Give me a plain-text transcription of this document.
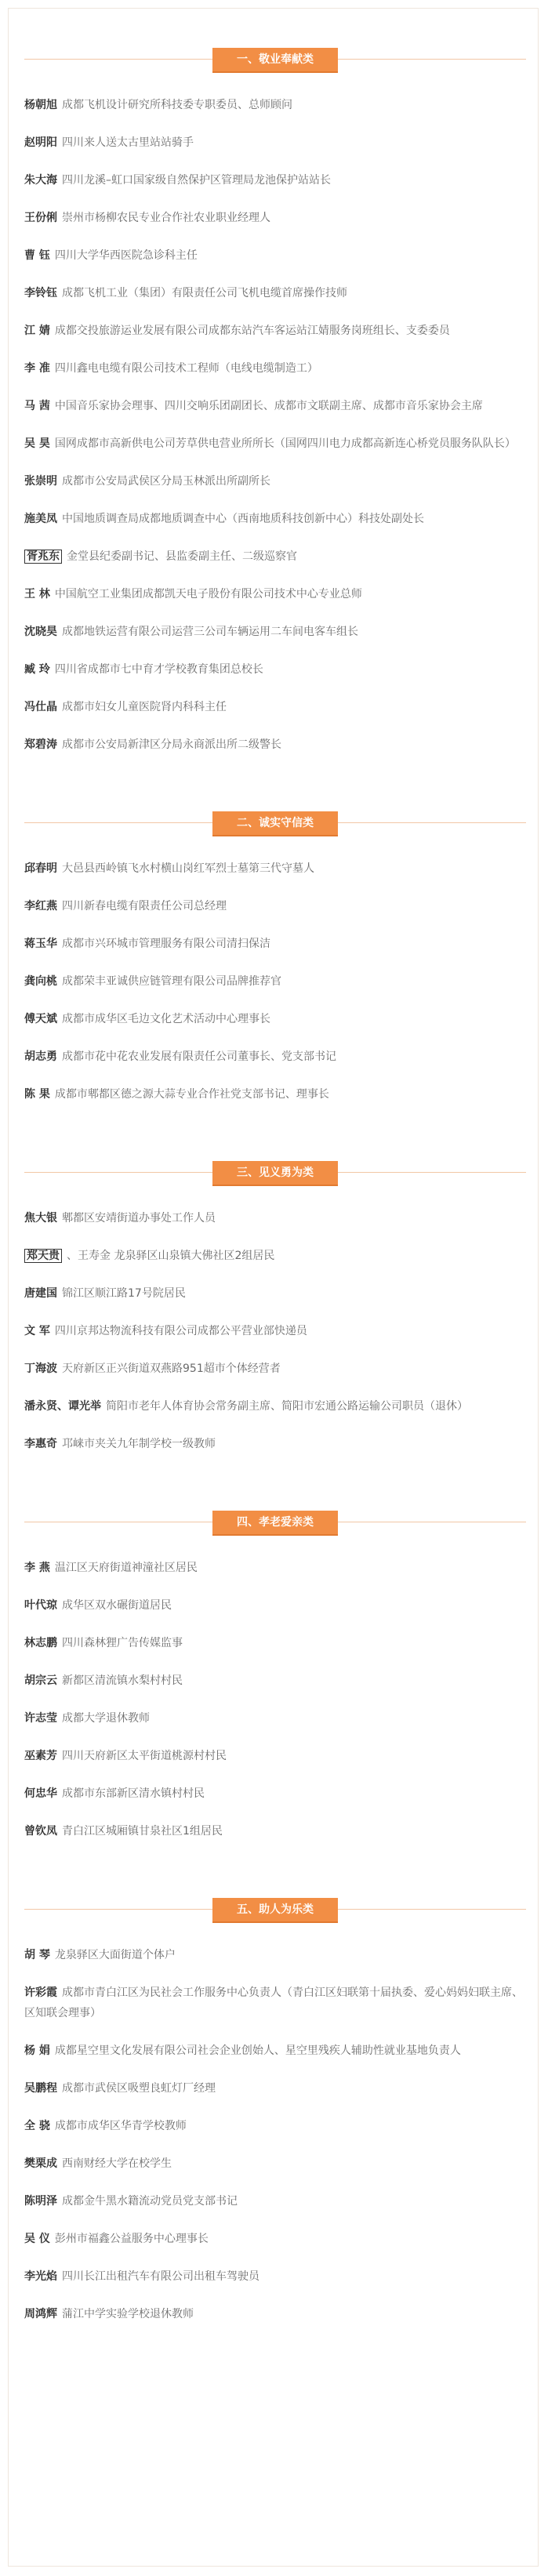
一、敬业奉献类
杨朝旭 成都飞机设计研究所科技委专职委员、总师顾问
赵明阳 四川来人送太古里站站骑手
朱大海 四川龙溪–虹口国家级自然保护区管理局龙池保护站站长
王份俐 崇州市杨柳农民专业合作社农业职业经理人
曹 钰 四川大学华西医院急诊科主任
李铃钰 成都飞机工业（集团）有限责任公司飞机电缆首席操作技师
江 婧 成都交投旅游运业发展有限公司成都东站汽车客运站江婧服务岗班组长、支委委员
李 准 四川鑫电电缆有限公司技术工程师（电线电缆制造工）
马 茜 中国音乐家协会理事、四川交响乐团副团长、成都市文联副主席、成都市音乐家协会主席
吴 昊 国网成都市高新供电公司芳草供电营业所所长（国网四川电力成都高新连心桥党员服务队队长）
张崇明 成都市公安局武侯区分局玉林派出所副所长
施美凤 中国地质调查局成都地质调查中心（西南地质科技创新中心）科技处副处长
胥兆东 金堂县纪委副书记、县监委副主任、二级巡察官
王 林 中国航空工业集团成都凯天电子股份有限公司技术中心专业总师
沈晓昊 成都地铁运营有限公司运营三公司车辆运用二车间电客车组长
臧 玲 四川省成都市七中育才学校教育集团总校长
冯仕晶 成都市妇女儿童医院肾内科科主任
郑碧涛 成都市公安局新津区分局永商派出所二级警长
二、诚实守信类
邱春明 大邑县西岭镇飞水村横山岗红军烈士墓第三代守墓人
李红燕 四川新春电缆有限责任公司总经理
蒋玉华 成都市兴环城市管理服务有限公司清扫保洁
龚向桃 成都荣丰亚诚供应链管理有限公司品牌推荐官
傅天斌 成都市成华区毛边文化艺术活动中心理事长
胡志勇 成都市花中花农业发展有限责任公司董事长、党支部书记
陈 果 成都市郫都区德之源大蒜专业合作社党支部书记、理事长
三、见义勇为类
焦大银 郫都区安靖街道办事处工作人员
郑天贵 、王寿金 龙泉驿区山泉镇大佛社区2组居民
唐建国 锦江区顺江路17号院居民
文 军 四川京邦达物流科技有限公司成都公平营业部快递员
丁海波 天府新区正兴街道双燕路951超市个体经营者
潘永贤、谭光举 简阳市老年人体育协会常务副主席、简阳市宏通公路运输公司职员（退休）
李惠奇 邛崃市夹关九年制学校一级教师
四、孝老爱亲类
李 燕 温江区天府街道神潼社区居民
叶代琼 成华区双水碾街道居民
林志鹏 四川森林狸广告传媒监事
胡宗云 新都区清流镇水梨村村民
许志莹 成都大学退休教师
巫素芳 四川天府新区太平街道桃源村村民
何忠华 成都市东部新区清水镇村村民
曾钦凤 青白江区城厢镇甘泉社区1组居民
五、助人为乐类
胡 琴 龙泉驿区大面街道个体户
许彩霞 成都市青白江区为民社会工作服务中心负责人（青白江区妇联第十届执委、爱心妈妈妇联主席、区知联会理事）
杨 娟 成都星空里文化发展有限公司社会企业创始人、星空里残疾人辅助性就业基地负责人
吴鹏程 成都市武侯区吸塑良虹灯厂经理
全 骁 成都市成华区华青学校教师
樊栗成 西南财经大学在校学生
陈明泽 成都金牛黑水籍流动党员党支部书记
吴 仪 彭州市福鑫公益服务中心理事长
李光焰 四川长江出租汽车有限公司出租车驾驶员
周鸿辉 蒲江中学实验学校退休教师
